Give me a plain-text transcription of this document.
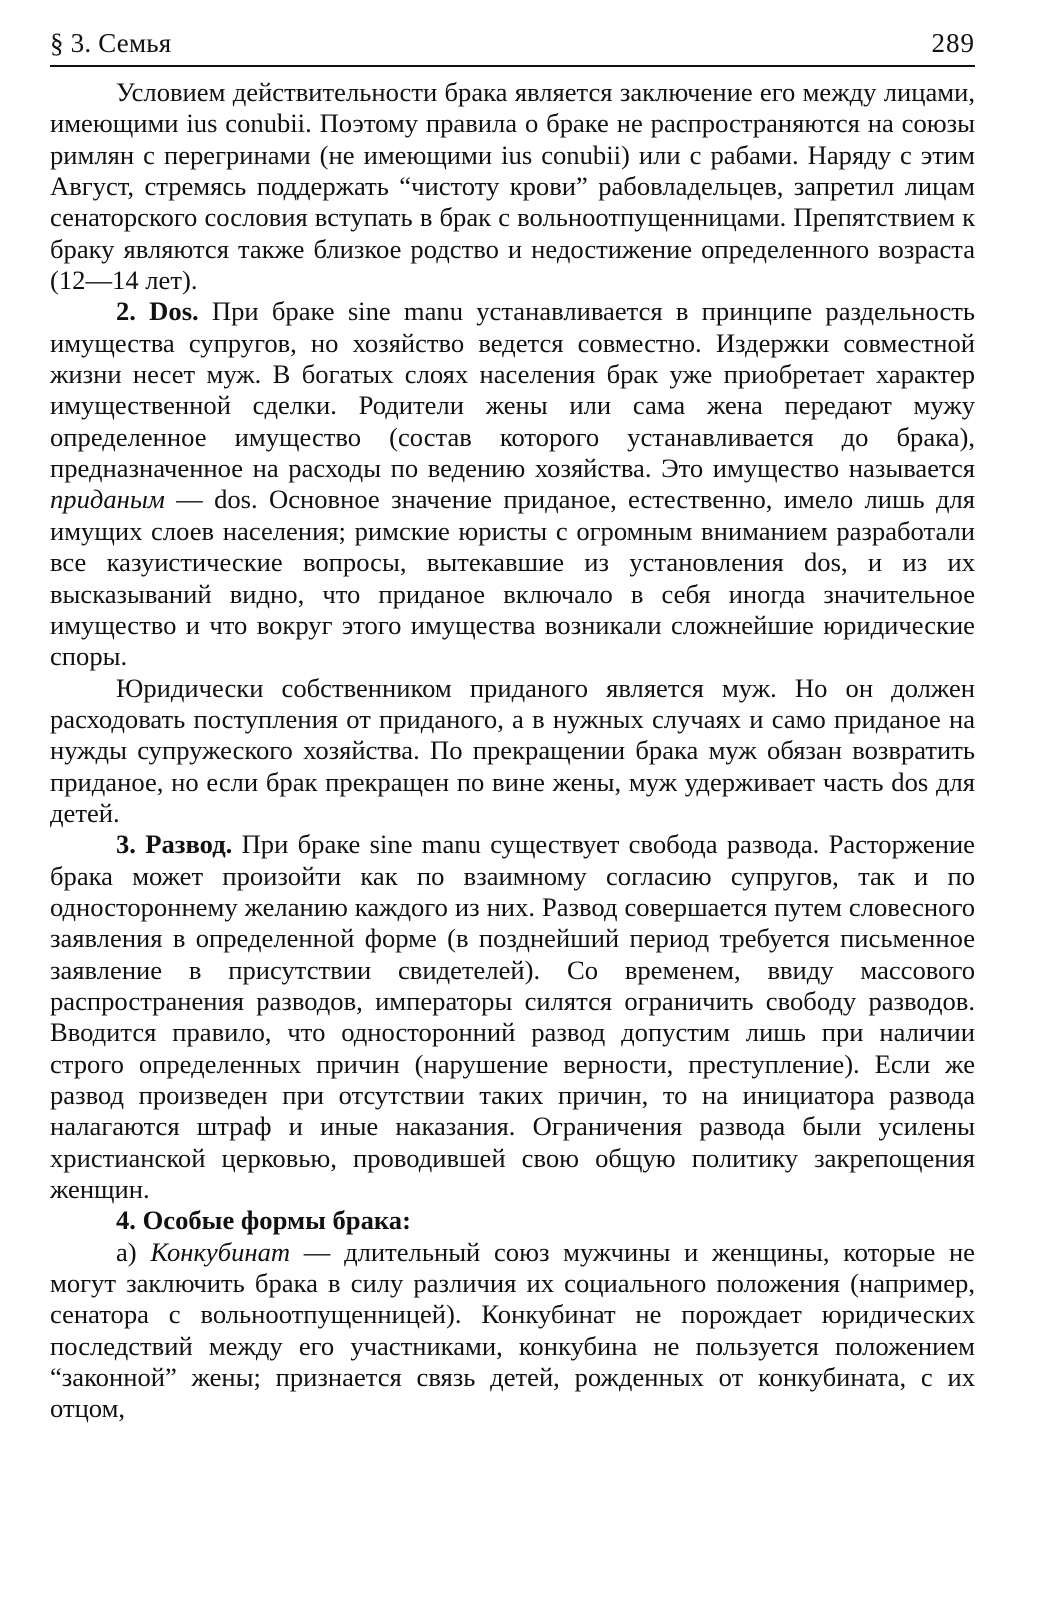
§ 3. Семья	289

Условием действительности брака является заключение его между лицами, имеющими ius conubii. Поэтому правила о браке не распространяются на союзы римлян с перегринами (не имеющими ius conubii) или с рабами. Наряду с этим Август, стремясь поддержать “чистоту крови” рабовладельцев, запретил лицам сенаторского сословия вступать в брак с вольноотпущенницами. Препятствием к браку являются также близкое родство и недостижение определенного возраста (12—14 лет).

2. Dos. При браке sine manu устанавливается в принципе раздельность имущества супругов, но хозяйство ведется совместно. Издержки совместной жизни несет муж. В богатых слоях населения брак уже приобретает характер имущественной сделки. Родители жены или сама жена передают мужу определенное имущество (состав которого устанавливается до брака), предназначенное на расходы по ведению хозяйства. Это имущество называется приданым — dos. Основное значение приданое, естественно, имело лишь для имущих слоев населения; римские юристы с огромным вниманием разработали все казуистические вопросы, вытекавшие из установления dos, и из их высказываний видно, что приданое включало в себя иногда значительное имущество и что вокруг этого имущества возникали сложнейшие юридические споры.

Юридически собственником приданого является муж. Но он должен расходовать поступления от приданого, а в нужных случаях и само приданое на нужды супружеского хозяйства. По прекращении брака муж обязан возвратить приданое, но если брак прекращен по вине жены, муж удерживает часть dos для детей.

3. Развод. При браке sine manu существует свобода развода. Расторжение брака может произойти как по взаимному согласию супругов, так и по одностороннему желанию каждого из них. Развод совершается путем словесного заявления в определенной форме (в позднейший период требуется письменное заявление в присутствии свидетелей). Со временем, ввиду массового распространения разводов, императоры силятся ограничить свободу разводов. Вводится правило, что односторонний развод допустим лишь при наличии строго определенных причин (нарушение верности, преступление). Если же развод произведен при отсутствии таких причин, то на инициатора развода налагаются штраф и иные наказания. Ограничения развода были усилены христианской церковью, проводившей свою общую политику закрепощения женщин.

4. Особые формы брака:

а) Конкубинат — длительный союз мужчины и женщины, которые не могут заключить брака в силу различия их социального положения (например, сенатора с вольноотпущенницей). Конкубинат не порождает юридических последствий между его участниками, конкубина не пользуется положением “законной” жены; признается связь детей, рожденных от конкубината, с их отцом,
